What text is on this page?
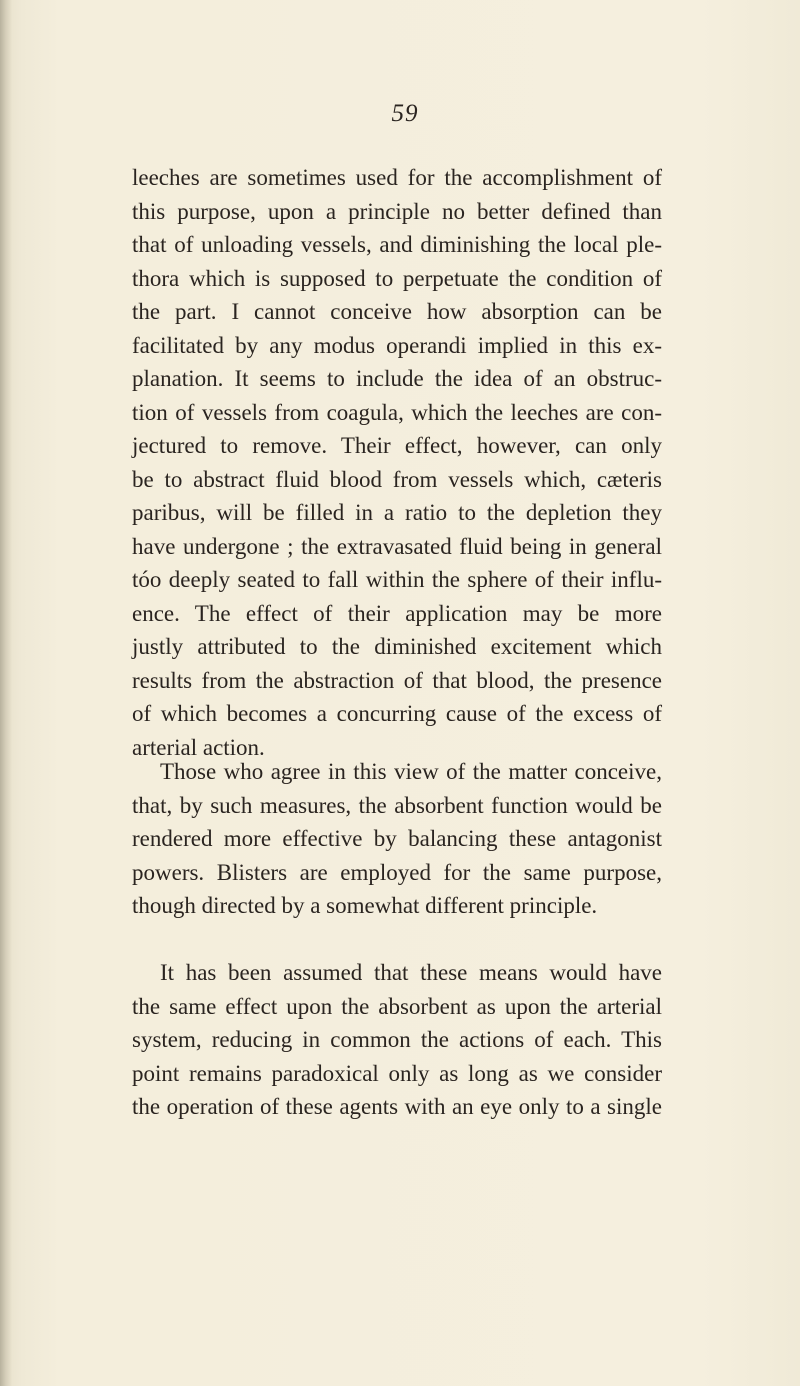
59
leeches are sometimes used for the accomplishment of
this purpose, upon a principle no better defined than
that of unloading vessels, and diminishing the local ple-
thora which is supposed to perpetuate the condition of
the part. I cannot conceive how absorption can be
facilitated by any modus operandi implied in this ex-
planation. It seems to include the idea of an obstruc-
tion of vessels from coagula, which the leeches are con-
jectured to remove. Their effect, however, can only
be to abstract fluid blood from vessels which, cæteris
paribus, will be filled in a ratio to the depletion they
have undergone ; the extravasated fluid being in general
tóo deeply seated to fall within the sphere of their influ-
ence. The effect of their application may be more
justly attributed to the diminished excitement which
results from the abstraction of that blood, the presence
of which becomes a concurring cause of the excess of
arterial action.
Those who agree in this view of the matter conceive,
that, by such measures, the absorbent function would be
rendered more effective by balancing these antagonist
powers. Blisters are employed for the same purpose,
though directed by a somewhat different principle.
It has been assumed that these means would have
the same effect upon the absorbent as upon the arterial
system, reducing in common the actions of each. This
point remains paradoxical only as long as we consider
the operation of these agents with an eye only to a single
